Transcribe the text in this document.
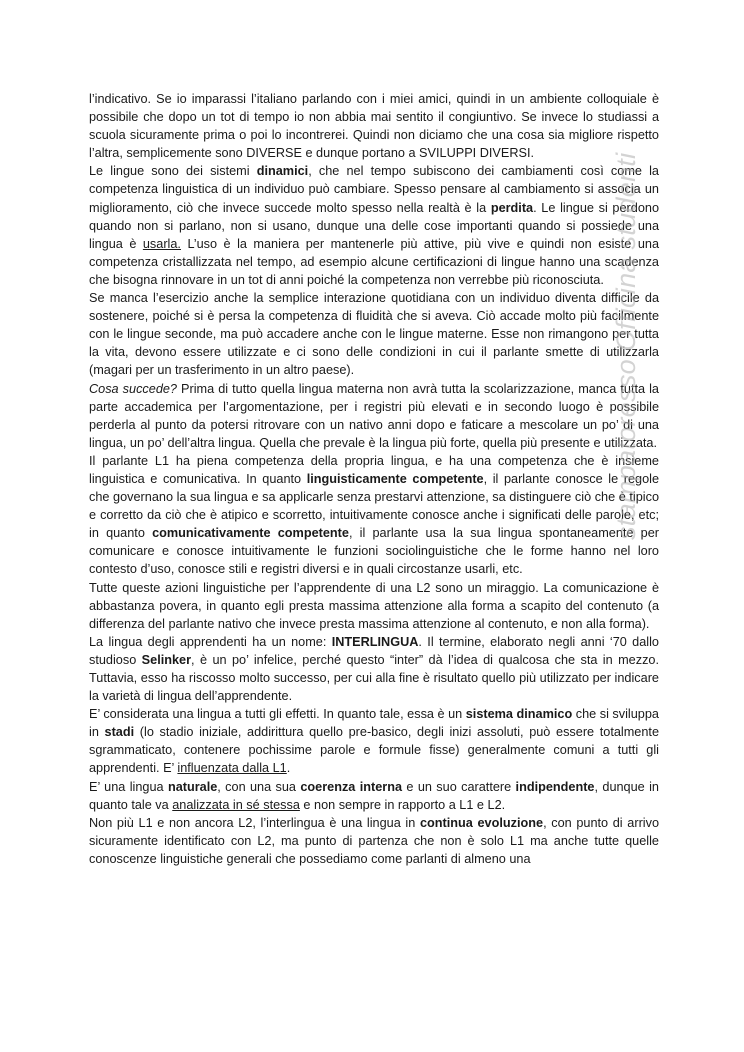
l’indicativo. Se io imparassi l’italiano parlando con i miei amici, quindi in un ambiente colloquiale è possibile che dopo un tot di tempo io non abbia mai sentito il congiuntivo. Se invece lo studiassi a scuola sicuramente prima o poi lo incontrerei. Quindi non diciamo che una cosa sia migliore rispetto l’altra, semplicemente sono DIVERSE e dunque portano a SVILUPPI DIVERSI.

Le lingue sono dei sistemi dinamici, che nel tempo subiscono dei cambiamenti così come la competenza linguistica di un individuo può cambiare. Spesso pensare al cambiamento si associa un miglioramento, ciò che invece succede molto spesso nella realtà è la perdita. Le lingue si perdono quando non si parlano, non si usano, dunque una delle cose importanti quando si possiede una lingua è usarla. L’uso è la maniera per mantenerle più attive, più vive e quindi non esiste una competenza cristallizzata nel tempo, ad esempio alcune certificazioni di lingue hanno una scadenza che bisogna rinnovare in un tot di anni poiché la competenza non verrebbe più riconosciuta.

Se manca l’esercizio anche la semplice interazione quotidiana con un individuo diventa difficile da sostenere, poiché si è persa la competenza di fluidità che si aveva. Ciò accade molto più facilmente con le lingue seconde, ma può accadere anche con le lingue materne. Esse non rimangono per tutta la vita, devono essere utilizzate e ci sono delle condizioni in cui il parlante smette di utilizzarla (magari per un trasferimento in un altro paese).

Cosa succede? Prima di tutto quella lingua materna non avrà tutta la scolarizzazione, manca tutta la parte accademica per l’argomentazione, per i registri più elevati e in secondo luogo è possibile perderla al punto da potersi ritrovare con un nativo anni dopo e faticare a mescolare un po’ di una lingua, un po’ dell’altra lingua. Quella che prevale è la lingua più forte, quella più presente e utilizzata.

Il parlante L1 ha piena competenza della propria lingua, e ha una competenza che è insieme linguistica e comunicativa. In quanto linguisticamente competente, il parlante conosce le regole che governano la sua lingua e sa applicarle senza prestarvi attenzione, sa distinguere ciò che è tipico e corretto da ciò che è atipico e scorretto, intuitivamente conosce anche i significati delle parole, etc; in quanto comunicativamente competente, il parlante usa la sua lingua spontaneamente per comunicare e conosce intuitivamente le funzioni sociolinguistiche che le forme hanno nel loro contesto d’uso, conosce stili e registri diversi e in quali circostanze usarli, etc.

Tutte queste azioni linguistiche per l’apprendente di una L2 sono un miraggio. La comunicazione è abbastanza povera, in quanto egli presta massima attenzione alla forma a scapito del contenuto (a differenza del parlante nativo che invece presta massima attenzione al contenuto, e non alla forma).

La lingua degli apprendenti ha un nome: INTERLINGUA. Il termine, elaborato negli anni ‘70 dallo studioso Selinker, è un po’ infelice, perché questo “inter” dà l’idea di qualcosa che sta in mezzo. Tuttavia, esso ha riscosso molto successo, per cui alla fine è risultato quello più utilizzato per indicare la varietà di lingua dell’apprendente.

E’ considerata una lingua a tutti gli effetti. In quanto tale, essa è un sistema dinamico che si sviluppa in stadi (lo stadio iniziale, addirittura quello pre-basico, degli inizi assoluti, può essere totalmente sgrammaticato, contenere pochissime parole e formule fisse) generalmente comuni a tutti gli apprendenti. E’ influenzata dalla L1.

E’ una lingua naturale, con una sua coerenza interna e un suo carattere indipendente, dunque in quanto tale va analizzata in sé stessa e non sempre in rapporto a L1 e L2.

Non più L1 e non ancora L2, l’interlingua è una lingua in continua evoluzione, con punto di arrivo sicuramente identificato con L2, ma punto di partenza che non è solo L1 ma anche tutte quelle conoscenze linguistiche generali che possediamo come parlanti di almeno una

stampatoresso Officina studenti
